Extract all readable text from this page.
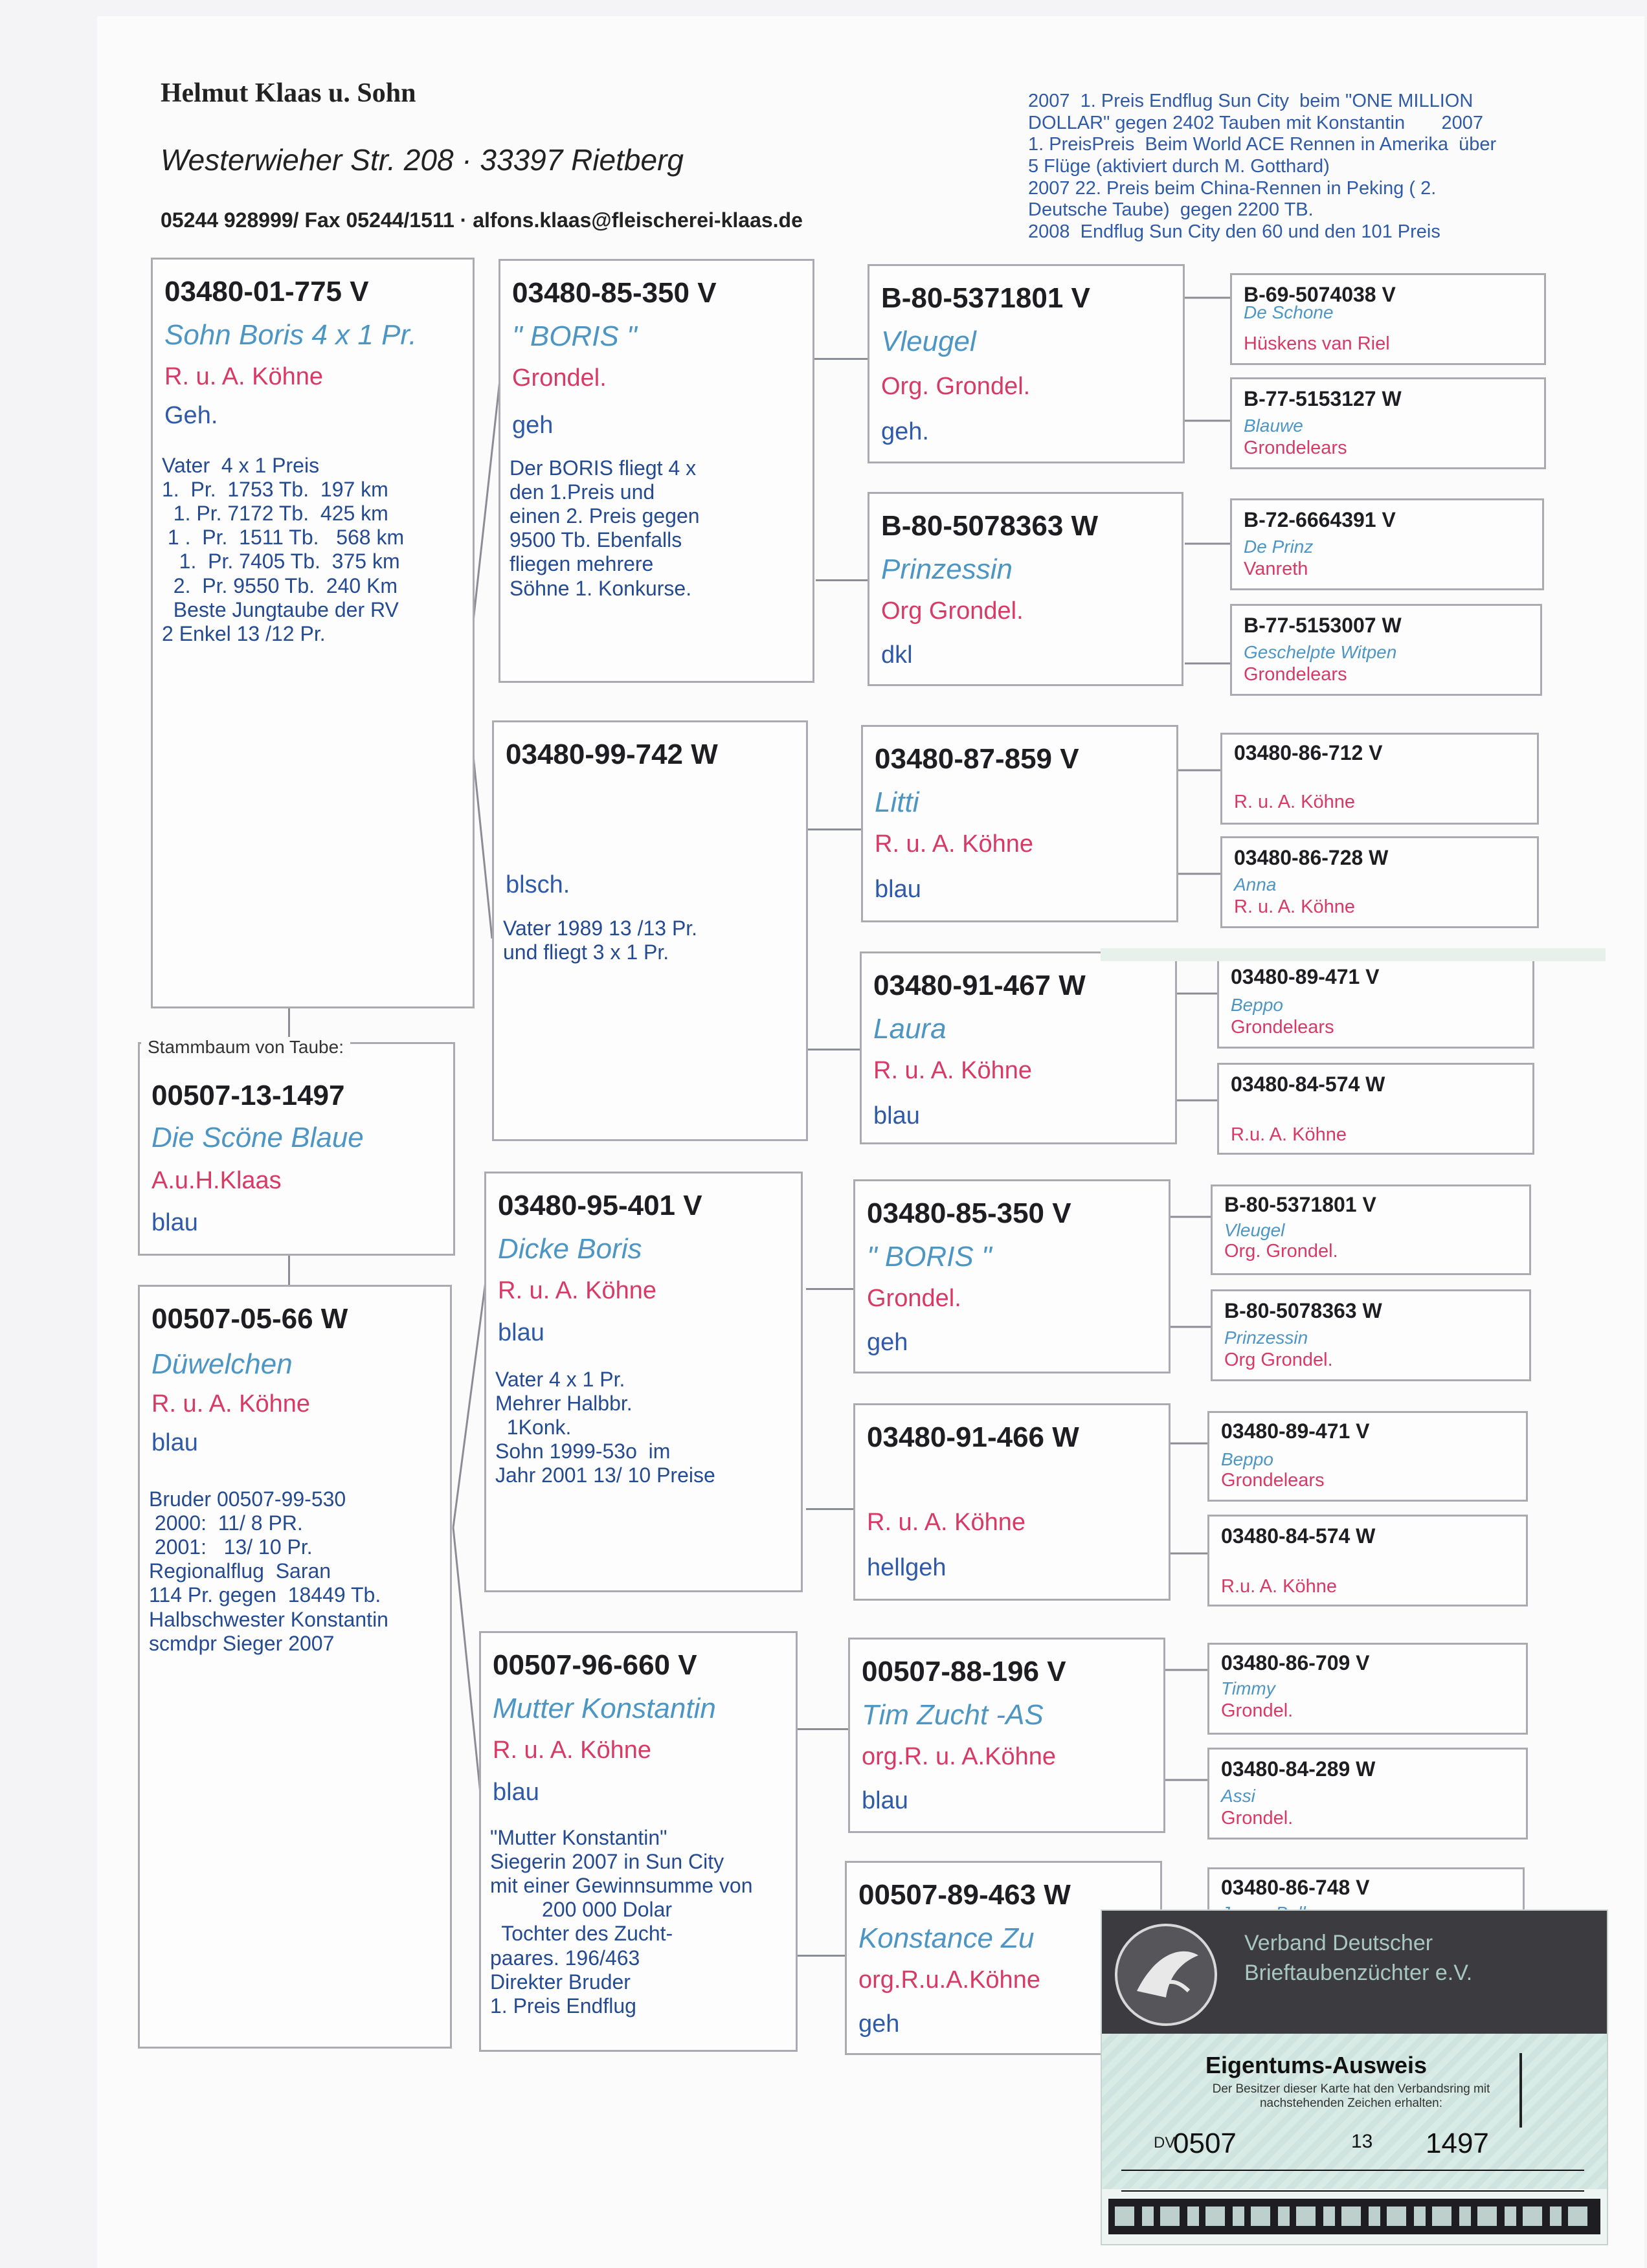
Helmut Klaas u. Sohn
Westerwieher Str. 208 · 33397 Rietberg
05244 928999/ Fax 05244/1511 · alfons.klaas@fleischerei-klaas.de
2007  1. Preis Endflug Sun City  beim "ONE MILLION
DOLLAR" gegen 2402 Tauben mit Konstantin       2007
1. PreisPreis  Beim World ACE Rennen in Amerika  über
5 Flüge (aktiviert durch M. Gotthard)
2007 22. Preis beim China-Rennen in Peking ( 2.
Deutsche Taube)  gegen 2200 TB.
2008  Endflug Sun City den 60 und den 101 Preis
03480-01-775 V
Sohn Boris 4 x 1 Pr.
R. u. A. Köhne
Geh.
Vater  4 x 1 Preis
1.  Pr.  1753 Tb.  197 km
1. Pr. 7172 Tb.  425 km
1 .  Pr.  1511 Tb.   568 km
1.  Pr. 7405 Tb.  375 km
2.  Pr. 9550 Tb.  240 Km
Beste Jungtaube der RV
2 Enkel 13 /12 Pr.
00507-13-1497
Die Scöne Blaue
A.u.H.Klaas
blau
00507-05-66 W
Düwelchen
R. u. A. Köhne
blau
Bruder 00507-99-530
2000:  11/ 8 PR.
2001:   13/ 10 Pr.
Regionalflug  Saran
114 Pr. gegen  18449 Tb.
Halbschwester Konstantin
scmdpr Sieger 2007
03480-85-350 V
" BORIS "
Grondel.
geh
Der BORIS fliegt 4 x
den 1.Preis und
einen 2. Preis gegen
9500 Tb. Ebenfalls
fliegen mehrere
Söhne 1. Konkurse.
03480-99-742 W
blsch.
Vater 1989 13 /13 Pr.
und fliegt 3 x 1 Pr.
03480-95-401 V
Dicke Boris
R. u. A. Köhne
blau
Vater 4 x 1 Pr.
Mehrer Halbbr.
1Konk.
Sohn 1999-53o  im
Jahr 2001 13/ 10 Preise
00507-96-660 V
Mutter Konstantin
R. u. A. Köhne
blau
"Mutter Konstantin"
Siegerin 2007 in Sun City
mit einer Gewinnsumme von
200 000 Dolar
Tochter des Zucht-
paares. 196/463
Direkter Bruder
1. Preis Endflug
B-80-5371801 V
Vleugel
Org. Grondel.
geh.
B-80-5078363 W
Prinzessin
Org Grondel.
dkl
03480-87-859 V
Litti
R. u. A. Köhne
blau
03480-91-467 W
Laura
R. u. A. Köhne
blau
03480-85-350 V
" BORIS "
Grondel.
geh
03480-91-466 W
R. u. A. Köhne
hellgeh
00507-88-196 V
Tim Zucht -AS
org.R. u. A.Köhne
blau
00507-89-463 W
Konstance Zu
org.R.u.A.Köhne
geh
B-69-5074038 V
De Schone
Hüskens van Riel
B-77-5153127 W
Blauwe
Grondelears
B-72-6664391 V
De Prinz
Vanreth
B-77-5153007 W
Geschelpte Witpen
Grondelears
03480-86-712 V
R. u. A. Köhne
03480-86-728 W
Anna
R. u. A. Köhne
03480-89-471 V
Beppo
Grondelears
03480-84-574 W
R.u. A. Köhne
B-80-5371801 V
Vleugel
Org. Grondel.
B-80-5078363 W
Prinzessin
Org Grondel.
03480-89-471 V
Beppo
Grondelears
03480-84-574 W
R.u. A. Köhne
03480-86-709 V
Timmy
Grondel.
03480-84-289 W
Assi
Grondel.
03480-86-748 V
Stammbaum von Taube:
Verband Deutscher
Brieftaubenzüchter e.V.
Eigentums-Ausweis
Der Besitzer dieser Karte hat den Verbandsring mit nachstehenden Zeichen erhalten:
DV
0507	13 1497
